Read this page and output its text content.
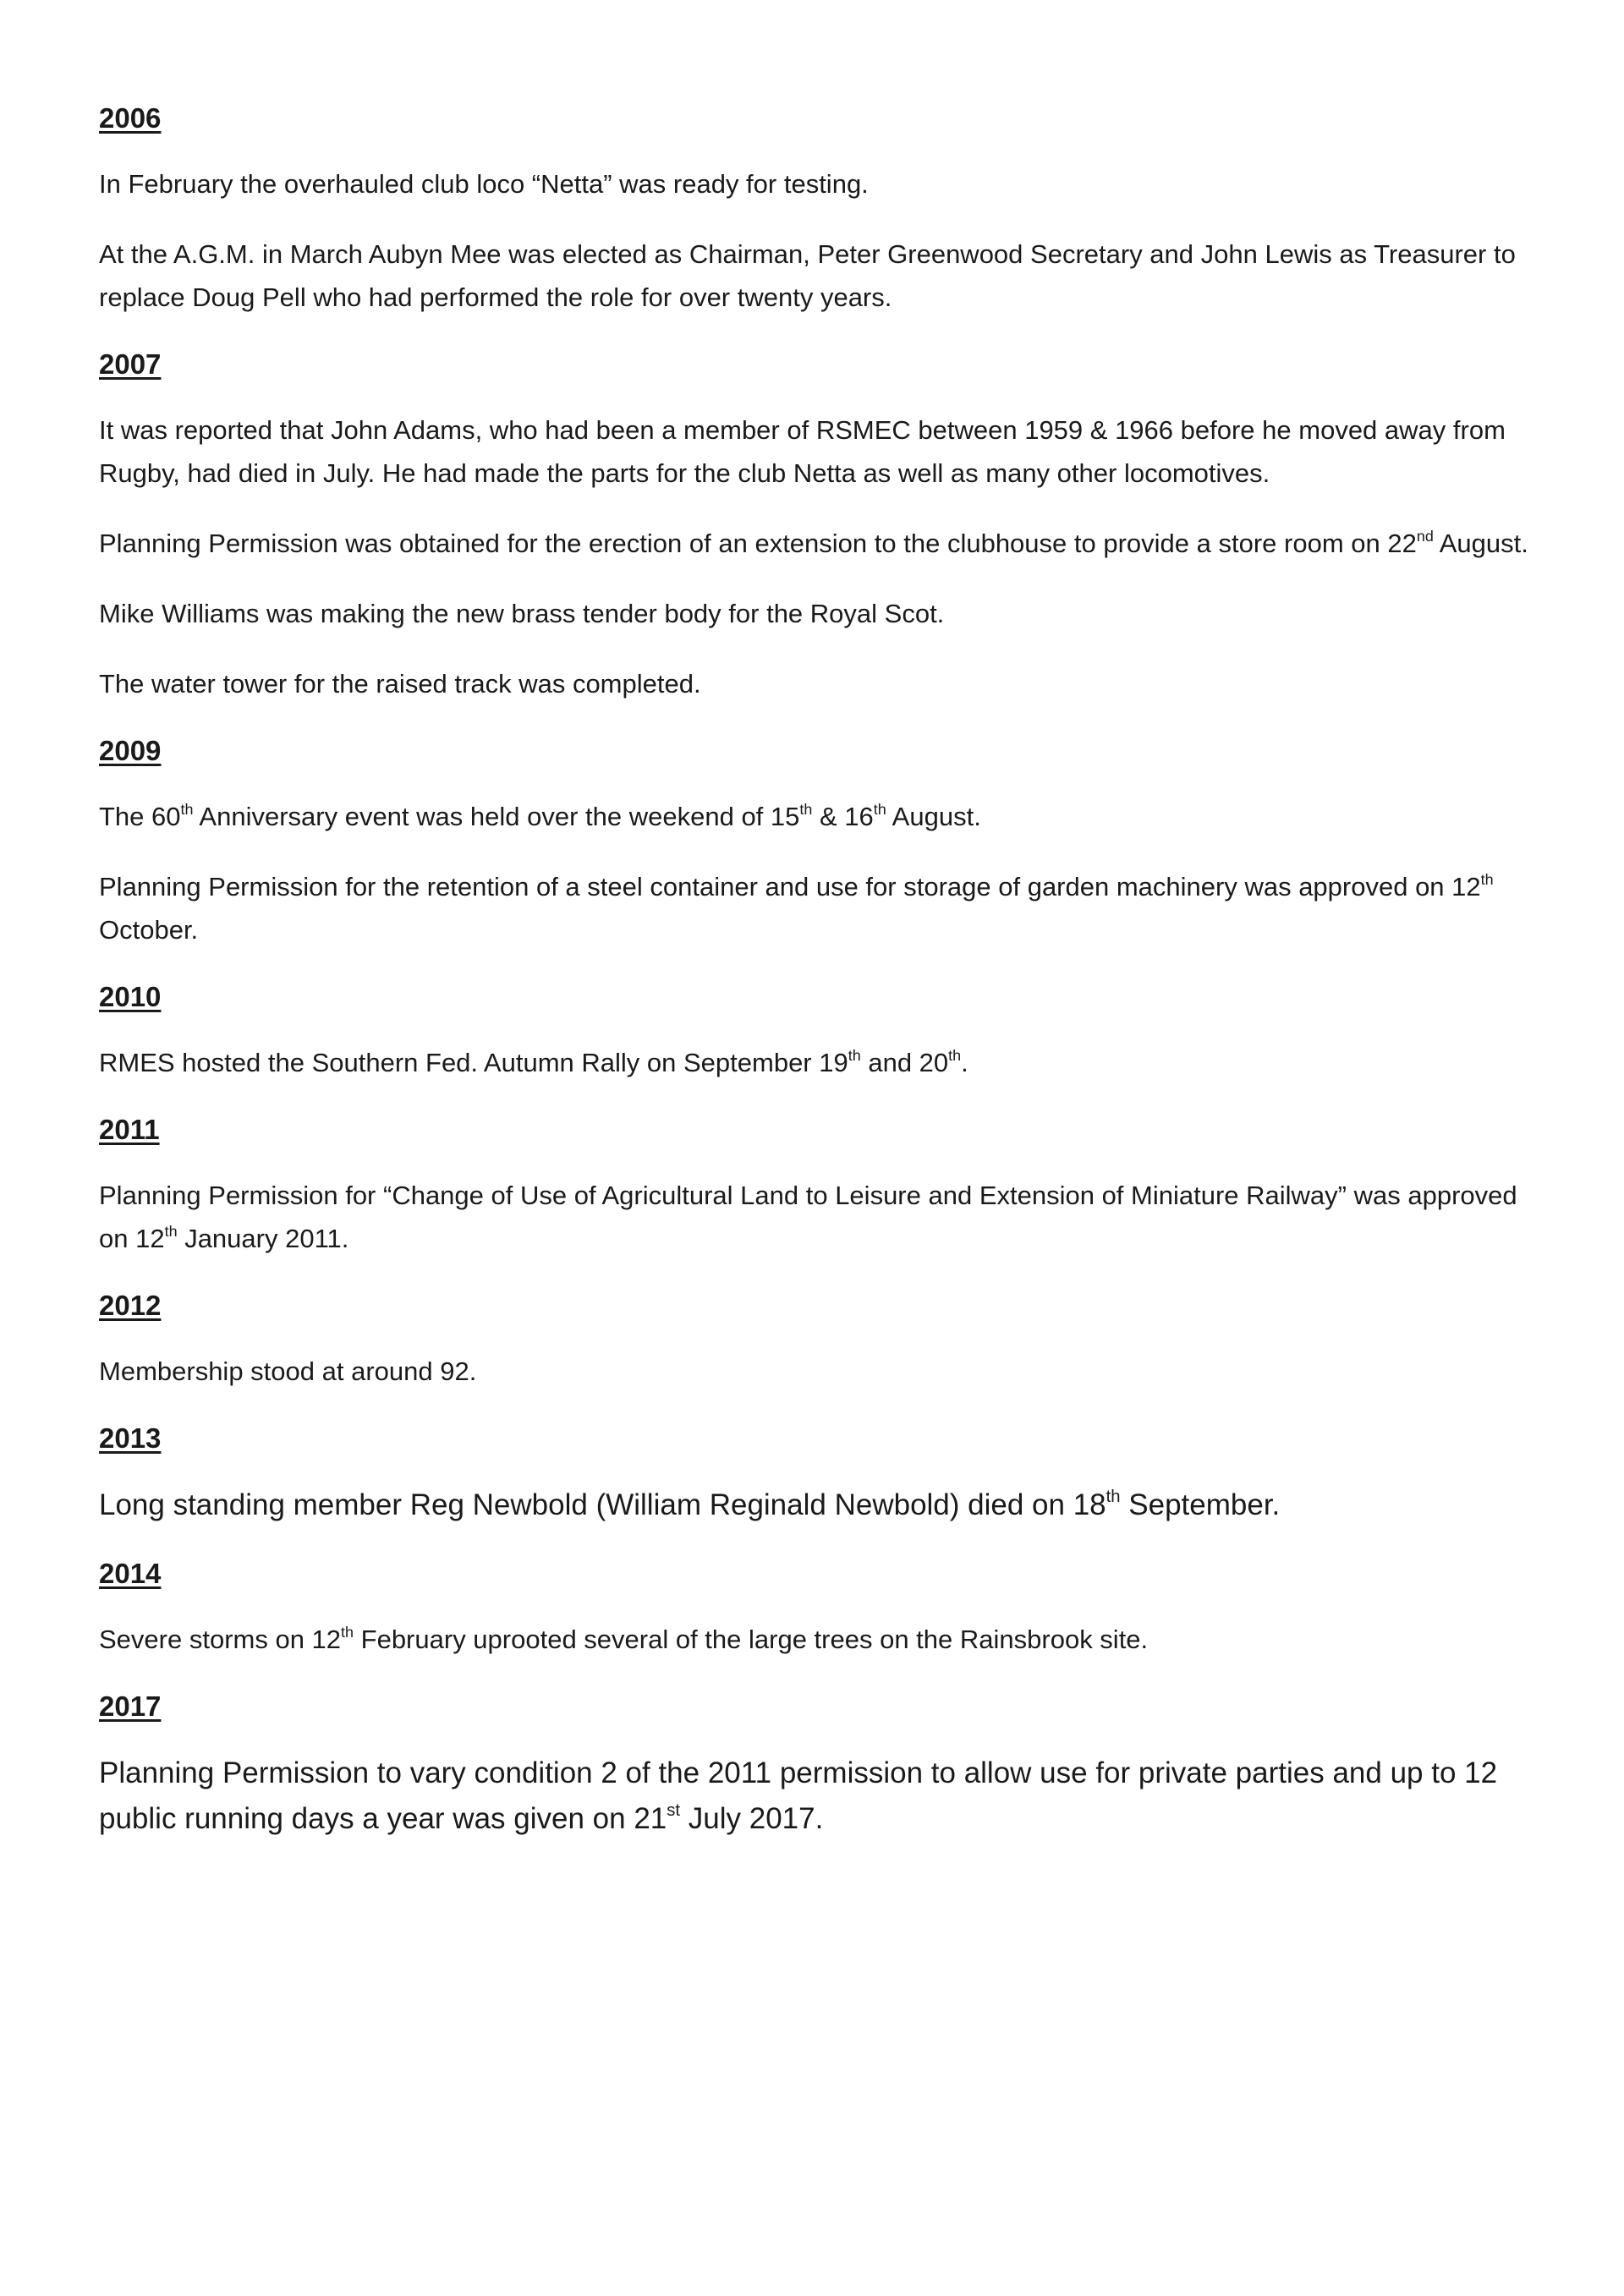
2006

In February the overhauled club loco “Netta” was ready for testing.

At the A.G.M. in March Aubyn Mee was elected as Chairman, Peter Greenwood Secretary and John Lewis as Treasurer to replace Doug Pell who had performed the role for over twenty years.

2007

It was reported that John Adams, who had been a member of RSMEC between 1959 & 1966 before he moved away from Rugby, had died in July. He had made the parts for the club Netta as well as many other locomotives.

Planning Permission was obtained for the erection of an extension to the clubhouse to provide a store room on 22nd August.

Mike Williams was making the new brass tender body for the Royal Scot.

The water tower for the raised track was completed.

2009

The 60th Anniversary event was held over the weekend of 15th & 16th August.

Planning Permission for the retention of a steel container and use for storage of garden machinery was approved on 12th October.

2010

RMES hosted the Southern Fed. Autumn Rally on September 19th and 20th.

2011

Planning Permission for “Change of Use of Agricultural Land to Leisure and Extension of Miniature Railway” was approved on 12th January 2011.

2012

Membership stood at around 92.

2013

Long standing member Reg Newbold (William Reginald Newbold) died on 18th September.

2014

Severe storms on 12th February uprooted several of the large trees on the Rainsbrook site.

2017

Planning Permission to vary condition 2 of the 2011 permission to allow use for private parties and up to 12 public running days a year was given on 21st July 2017.
